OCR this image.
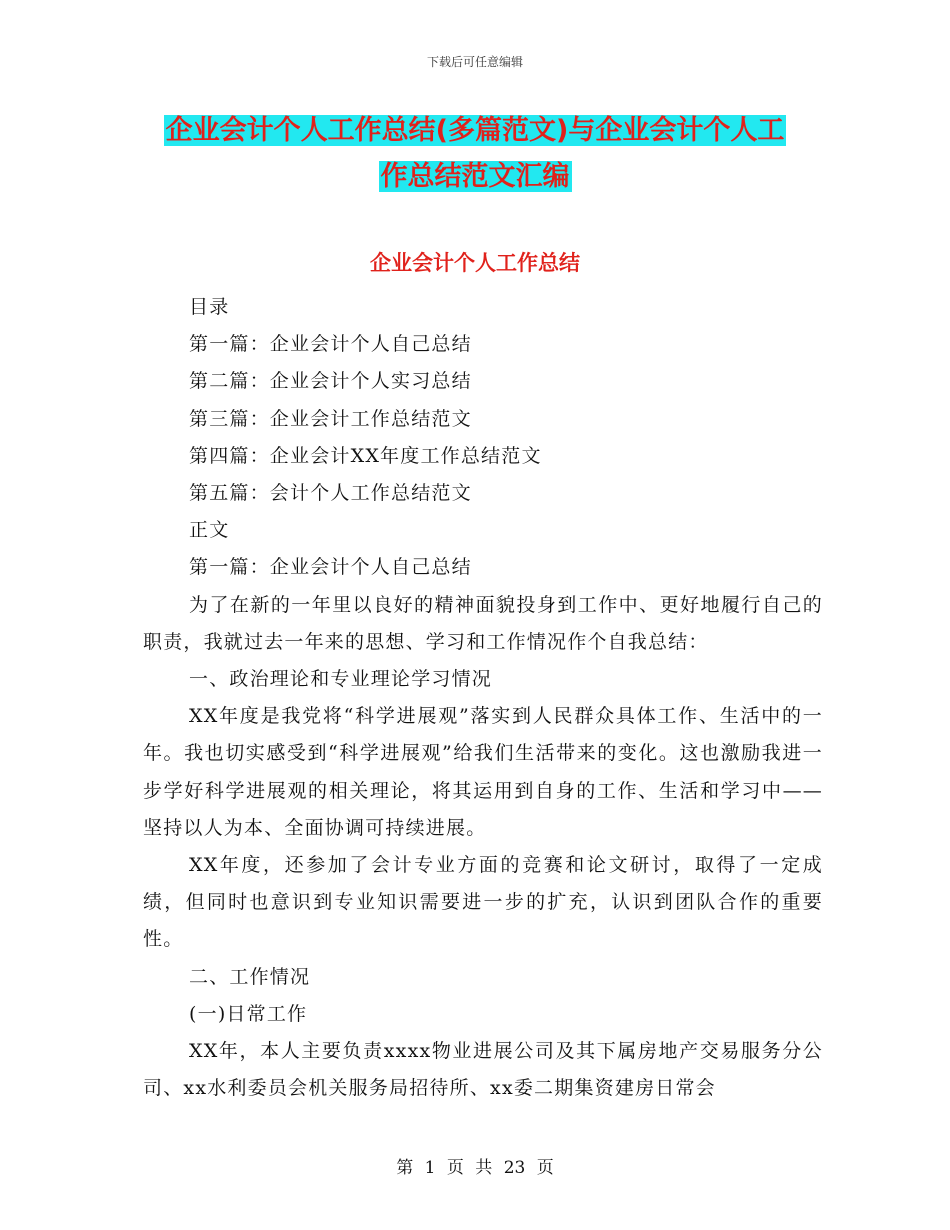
下载后可任意编辑
企业会计个人工作总结(多篇范文)与企业会计个人工
作总结范文汇编
企业会计个人工作总结

目录

第一篇：企业会计个人自己总结

第二篇：企业会计个人实习总结

第三篇：企业会计工作总结范文

第四篇：企业会计XX年度工作总结范文

第五篇：会计个人工作总结范文

正文

第一篇：企业会计个人自己总结

为了在新的一年里以良好的精神面貌投身到工作中、更好地履行自己的职责，我就过去一年来的思想、学习和工作情况作个自我总结：

一、政治理论和专业理论学习情况

XX年度是我党将“科学进展观”落实到人民群众具体工作、生活中的一年。我也切实感受到“科学进展观”给我们生活带来的变化。这也激励我进一步学好科学进展观的相关理论，将其运用到自身的工作、生活和学习中——坚持以人为本、全面协调可持续进展。

XX年度，还参加了会计专业方面的竞赛和论文研讨，取得了一定成绩，但同时也意识到专业知识需要进一步的扩充，认识到团队合作的重要性。

二、工作情况

(一)日常工作

XX年，本人主要负责xxxx物业进展公司及其下属房地产交易服务分公司、xx水利委员会机关服务局招待所、xx委二期集资建房日常会

第 1 页 共 23 页
